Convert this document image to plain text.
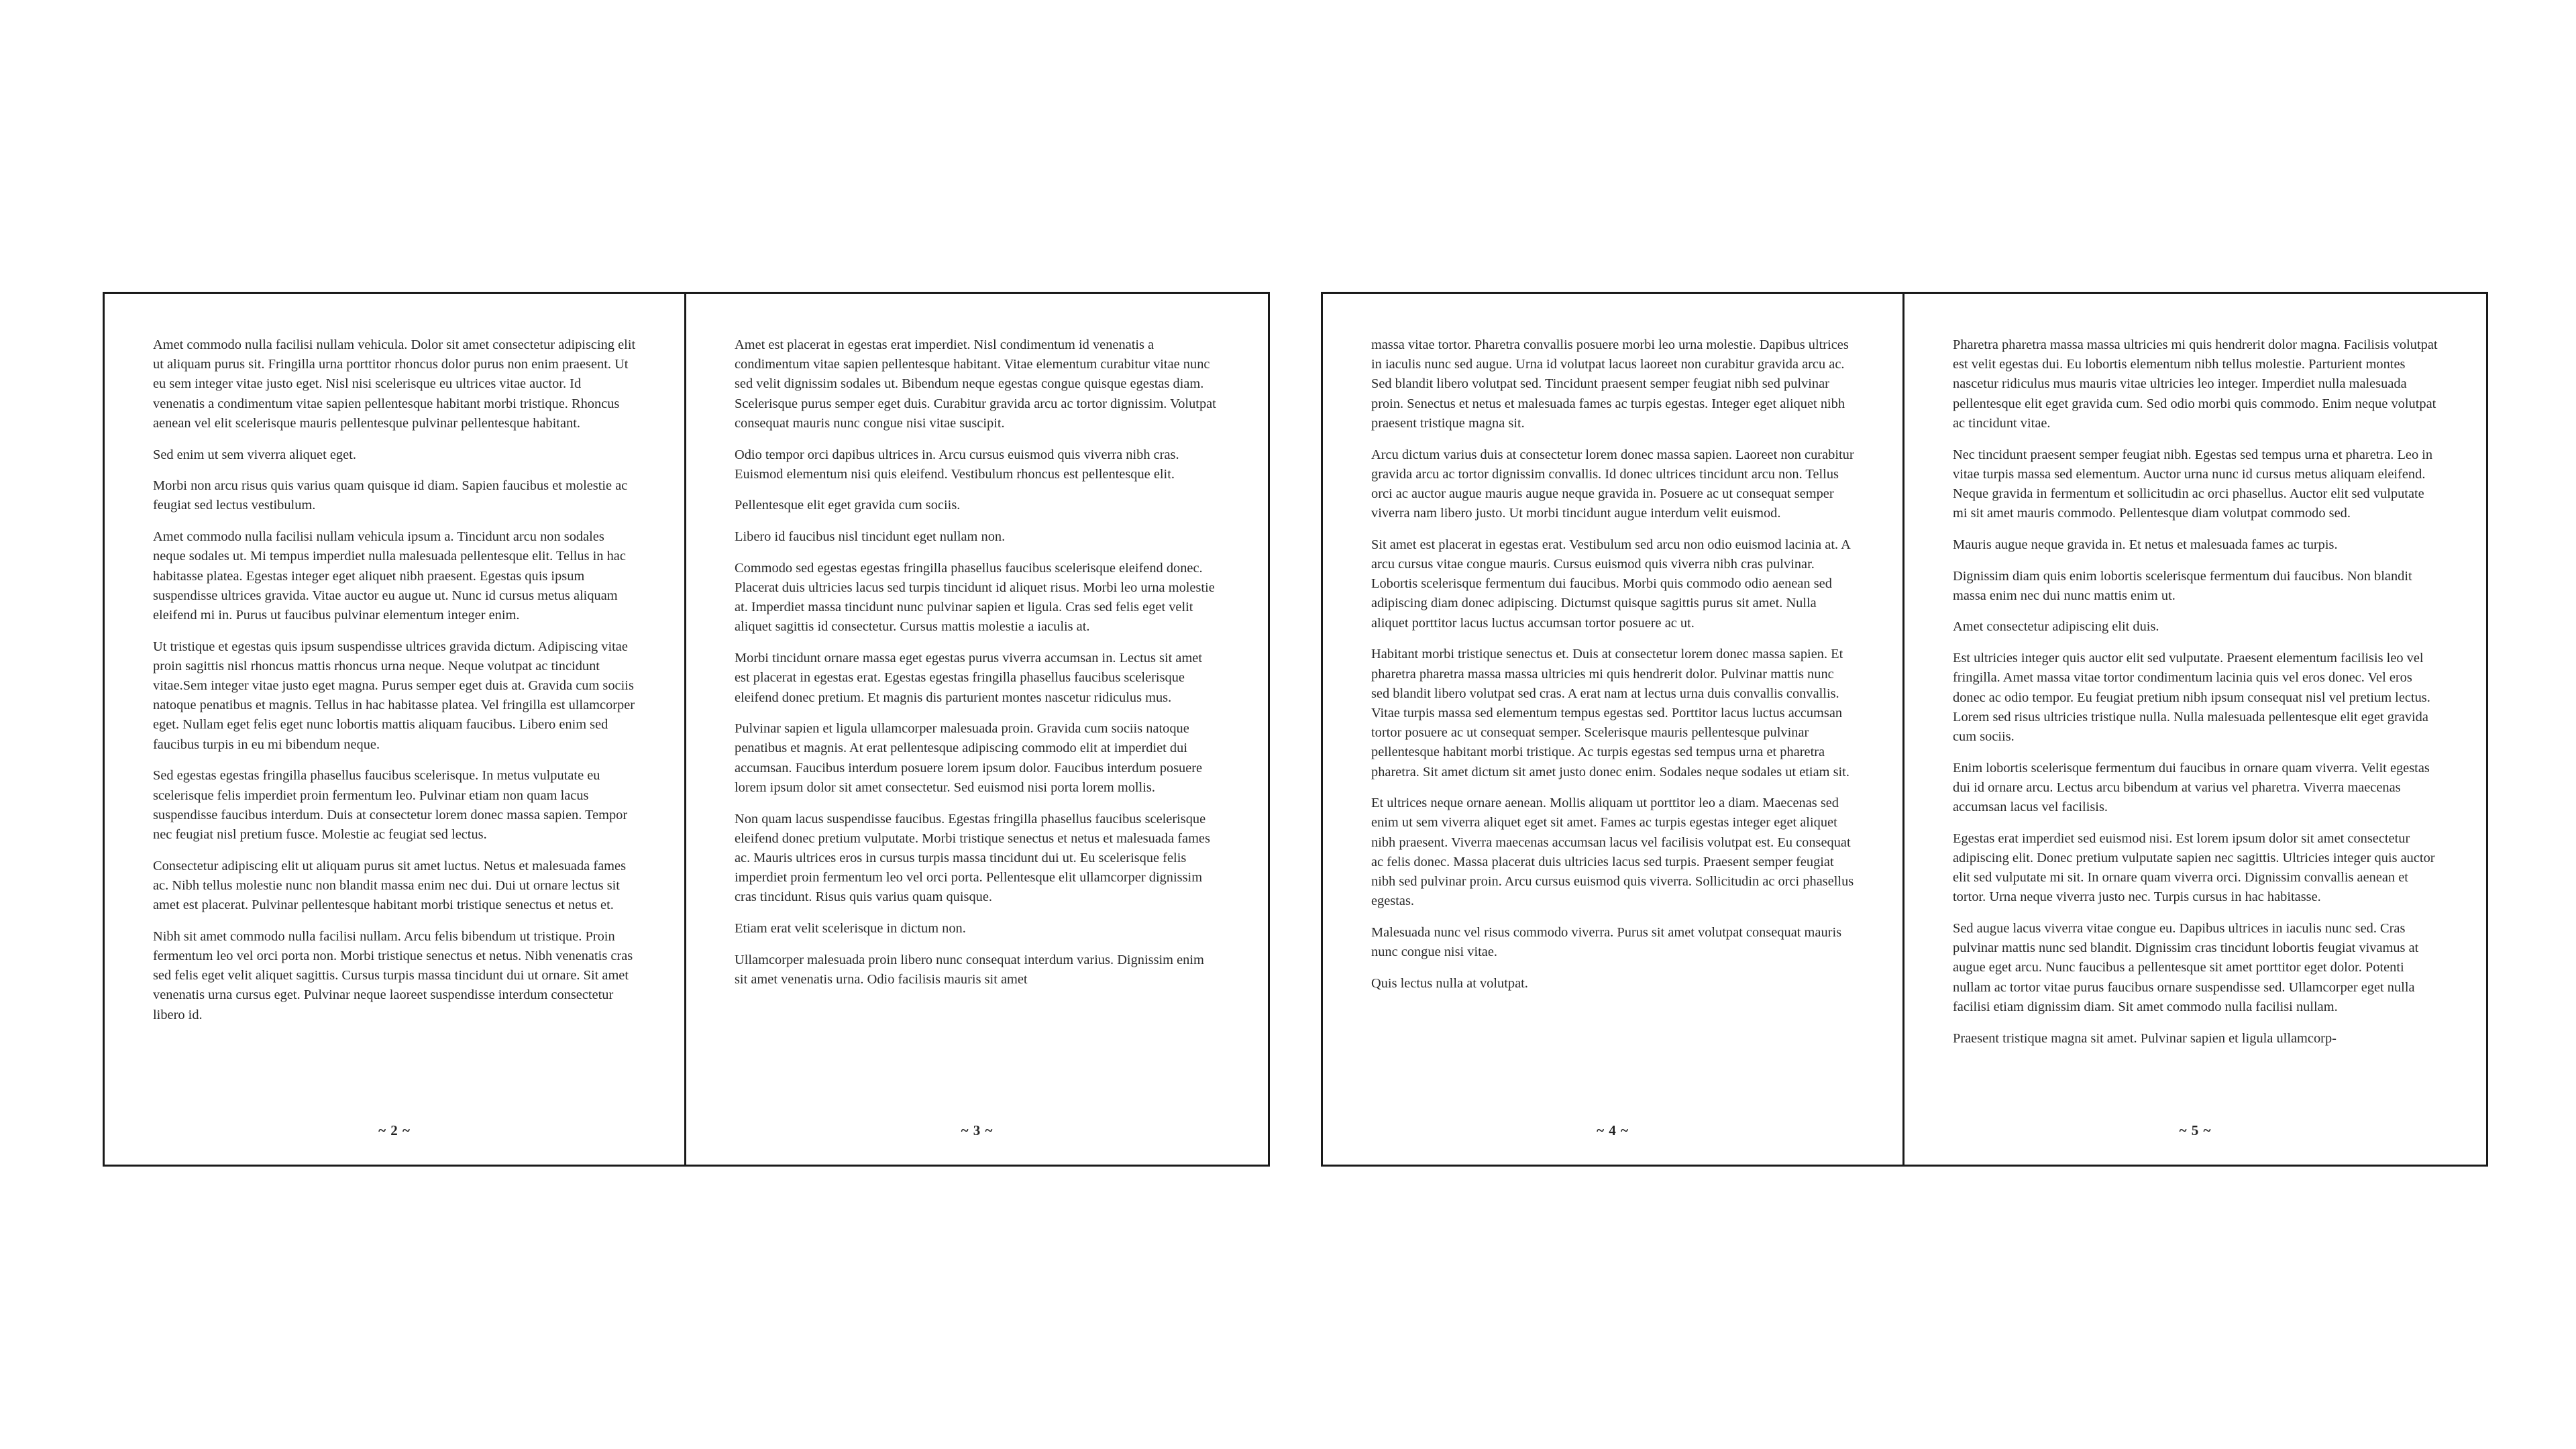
Amet commodo nulla facilisi nullam vehicula. Dolor sit amet consectetur adipiscing elit ut aliquam purus sit. Fringilla urna porttitor rhoncus dolor purus non enim praesent. Ut eu sem integer vitae justo eget. Nisl nisi scelerisque eu ultrices vitae auctor. Id venenatis a condimentum vitae sapien pellentesque habitant morbi tristique. Rhoncus aenean vel elit scelerisque mauris pellentesque pulvinar pellentesque habitant.

Sed enim ut sem viverra aliquet eget.

Morbi non arcu risus quis varius quam quisque id diam. Sapien faucibus et molestie ac feugiat sed lectus vestibulum.

Amet commodo nulla facilisi nullam vehicula ipsum a. Tincidunt arcu non sodales neque sodales ut. Mi tempus imperdiet nulla malesuada pellentesque elit. Tellus in hac habitasse platea. Egestas integer eget aliquet nibh praesent. Egestas quis ipsum suspendisse ultrices gravida. Vitae auctor eu augue ut. Nunc id cursus metus aliquam eleifend mi in. Purus ut faucibus pulvinar elementum integer enim.

Ut tristique et egestas quis ipsum suspendisse ultrices gravida dictum. Adipiscing vitae proin sagittis nisl rhoncus mattis rhoncus urna neque. Neque volutpat ac tincidunt vitae.Sem integer vitae justo eget magna. Purus semper eget duis at. Gravida cum sociis natoque penatibus et magnis. Tellus in hac habitasse platea. Vel fringilla est ullamcorper eget. Nullam eget felis eget nunc lobortis mattis aliquam faucibus. Libero enim sed faucibus turpis in eu mi bibendum neque.

Sed egestas egestas fringilla phasellus faucibus scelerisque. In metus vulputate eu scelerisque felis imperdiet proin fermentum leo. Pulvinar etiam non quam lacus suspendisse faucibus interdum. Duis at consectetur lorem donec massa sapien. Tempor nec feugiat nisl pretium fusce. Molestie ac feugiat sed lectus.

Consectetur adipiscing elit ut aliquam purus sit amet luctus. Netus et malesuada fames ac. Nibh tellus molestie nunc non blandit massa enim nec dui. Dui ut ornare lectus sit amet est placerat. Pulvinar pellentesque habitant morbi tristique senectus et netus et.

Nibh sit amet commodo nulla facilisi nullam. Arcu felis bibendum ut tristique. Proin fermentum leo vel orci porta non. Morbi tristique senectus et netus. Nibh venenatis cras sed felis eget velit aliquet sagittis. Cursus turpis massa tincidunt dui ut ornare. Sit amet venenatis urna cursus eget. Pulvinar neque laoreet suspendisse interdum consectetur libero id.

~ 2 ~

Amet est placerat in egestas erat imperdiet. Nisl condimentum id venenatis a condimentum vitae sapien pellentesque habitant. Vitae elementum curabitur vitae nunc sed velit dignissim sodales ut. Bibendum neque egestas congue quisque egestas diam. Scelerisque purus semper eget duis. Curabitur gravida arcu ac tortor dignissim. Volutpat consequat mauris nunc congue nisi vitae suscipit.

Odio tempor orci dapibus ultrices in. Arcu cursus euismod quis viverra nibh cras. Euismod elementum nisi quis eleifend. Vestibulum rhoncus est pellentesque elit.

Pellentesque elit eget gravida cum sociis.

Libero id faucibus nisl tincidunt eget nullam non.

Commodo sed egestas egestas fringilla phasellus faucibus scelerisque eleifend donec. Placerat duis ultricies lacus sed turpis tincidunt id aliquet risus. Morbi leo urna molestie at. Imperdiet massa tincidunt nunc pulvinar sapien et ligula. Cras sed felis eget velit aliquet sagittis id consectetur. Cursus mattis molestie a iaculis at.

Morbi tincidunt ornare massa eget egestas purus viverra accumsan in. Lectus sit amet est placerat in egestas erat. Egestas egestas fringilla phasellus faucibus scelerisque eleifend donec pretium. Et magnis dis parturient montes nascetur ridiculus mus.

Pulvinar sapien et ligula ullamcorper malesuada proin. Gravida cum sociis natoque penatibus et magnis. At erat pellentesque adipiscing commodo elit at imperdiet dui accumsan. Faucibus interdum posuere lorem ipsum dolor. Faucibus interdum posuere lorem ipsum dolor sit amet consectetur. Sed euismod nisi porta lorem mollis.

Non quam lacus suspendisse faucibus. Egestas fringilla phasellus faucibus scelerisque eleifend donec pretium vulputate. Morbi tristique senectus et netus et malesuada fames ac. Mauris ultrices eros in cursus turpis massa tincidunt dui ut. Eu scelerisque felis imperdiet proin fermentum leo vel orci porta. Pellentesque elit ullamcorper dignissim cras tincidunt. Risus quis varius quam quisque.

Etiam erat velit scelerisque in dictum non.

Ullamcorper malesuada proin libero nunc consequat interdum varius. Dignissim enim sit amet venenatis urna. Odio facilisis mauris sit amet

~ 3 ~

massa vitae tortor. Pharetra convallis posuere morbi leo urna molestie. Dapibus ultrices in iaculis nunc sed augue. Urna id volutpat lacus laoreet non curabitur gravida arcu ac. Sed blandit libero volutpat sed. Tincidunt praesent semper feugiat nibh sed pulvinar proin. Senectus et netus et malesuada fames ac turpis egestas. Integer eget aliquet nibh praesent tristique magna sit.

Arcu dictum varius duis at consectetur lorem donec massa sapien. Laoreet non curabitur gravida arcu ac tortor dignissim convallis. Id donec ultrices tincidunt arcu non. Tellus orci ac auctor augue mauris augue neque gravida in. Posuere ac ut consequat semper viverra nam libero justo. Ut morbi tincidunt augue interdum velit euismod.

Sit amet est placerat in egestas erat. Vestibulum sed arcu non odio euismod lacinia at. A arcu cursus vitae congue mauris. Cursus euismod quis viverra nibh cras pulvinar. Lobortis scelerisque fermentum dui faucibus. Morbi quis commodo odio aenean sed adipiscing diam donec adipiscing. Dictumst quisque sagittis purus sit amet. Nulla aliquet porttitor lacus luctus accumsan tortor posuere ac ut.

Habitant morbi tristique senectus et. Duis at consectetur lorem donec massa sapien. Et pharetra pharetra massa massa ultricies mi quis hendrerit dolor. Pulvinar mattis nunc sed blandit libero volutpat sed cras. A erat nam at lectus urna duis convallis convallis. Vitae turpis massa sed elementum tempus egestas sed. Porttitor lacus luctus accumsan tortor posuere ac ut consequat semper. Scelerisque mauris pellentesque pulvinar pellentesque habitant morbi tristique. Ac turpis egestas sed tempus urna et pharetra pharetra. Sit amet dictum sit amet justo donec enim. Sodales neque sodales ut etiam sit.

Et ultrices neque ornare aenean. Mollis aliquam ut porttitor leo a diam. Maecenas sed enim ut sem viverra aliquet eget sit amet. Fames ac turpis egestas integer eget aliquet nibh praesent. Viverra maecenas accumsan lacus vel facilisis volutpat est. Eu consequat ac felis donec. Massa placerat duis ultricies lacus sed turpis. Praesent semper feugiat nibh sed pulvinar proin. Arcu cursus euismod quis viverra. Sollicitudin ac orci phasellus egestas.

Malesuada nunc vel risus commodo viverra. Purus sit amet volutpat consequat mauris nunc congue nisi vitae.

Quis lectus nulla at volutpat.

~ 4 ~

Pharetra pharetra massa massa ultricies mi quis hendrerit dolor magna. Facilisis volutpat est velit egestas dui. Eu lobortis elementum nibh tellus molestie. Parturient montes nascetur ridiculus mus mauris vitae ultricies leo integer. Imperdiet nulla malesuada pellentesque elit eget gravida cum. Sed odio morbi quis commodo. Enim neque volutpat ac tincidunt vitae.

Nec tincidunt praesent semper feugiat nibh. Egestas sed tempus urna et pharetra. Leo in vitae turpis massa sed elementum. Auctor urna nunc id cursus metus aliquam eleifend. Neque gravida in fermentum et sollicitudin ac orci phasellus. Auctor elit sed vulputate mi sit amet mauris commodo. Pellentesque diam volutpat commodo sed.

Mauris augue neque gravida in. Et netus et malesuada fames ac turpis.

Dignissim diam quis enim lobortis scelerisque fermentum dui faucibus. Non blandit massa enim nec dui nunc mattis enim ut.

Amet consectetur adipiscing elit duis.

Est ultricies integer quis auctor elit sed vulputate. Praesent elementum facilisis leo vel fringilla. Amet massa vitae tortor condimentum lacinia quis vel eros donec. Vel eros donec ac odio tempor. Eu feugiat pretium nibh ipsum consequat nisl vel pretium lectus. Lorem sed risus ultricies tristique nulla. Nulla malesuada pellentesque elit eget gravida cum sociis.

Enim lobortis scelerisque fermentum dui faucibus in ornare quam viverra. Velit egestas dui id ornare arcu. Lectus arcu bibendum at varius vel pharetra. Viverra maecenas accumsan lacus vel facilisis.

Egestas erat imperdiet sed euismod nisi. Est lorem ipsum dolor sit amet consectetur adipiscing elit. Donec pretium vulputate sapien nec sagittis. Ultricies integer quis auctor elit sed vulputate mi sit. In ornare quam viverra orci. Dignissim convallis aenean et tortor. Urna neque viverra justo nec. Turpis cursus in hac habitasse.

Sed augue lacus viverra vitae congue eu. Dapibus ultrices in iaculis nunc sed. Cras pulvinar mattis nunc sed blandit. Dignissim cras tincidunt lobortis feugiat vivamus at augue eget arcu. Nunc faucibus a pellentesque sit amet porttitor eget dolor. Potenti nullam ac tortor vitae purus faucibus ornare suspendisse sed. Ullamcorper eget nulla facilisi etiam dignissim diam. Sit amet commodo nulla facilisi nullam.

Praesent tristique magna sit amet. Pulvinar sapien et ligula ullamcorp-

~ 5 ~
